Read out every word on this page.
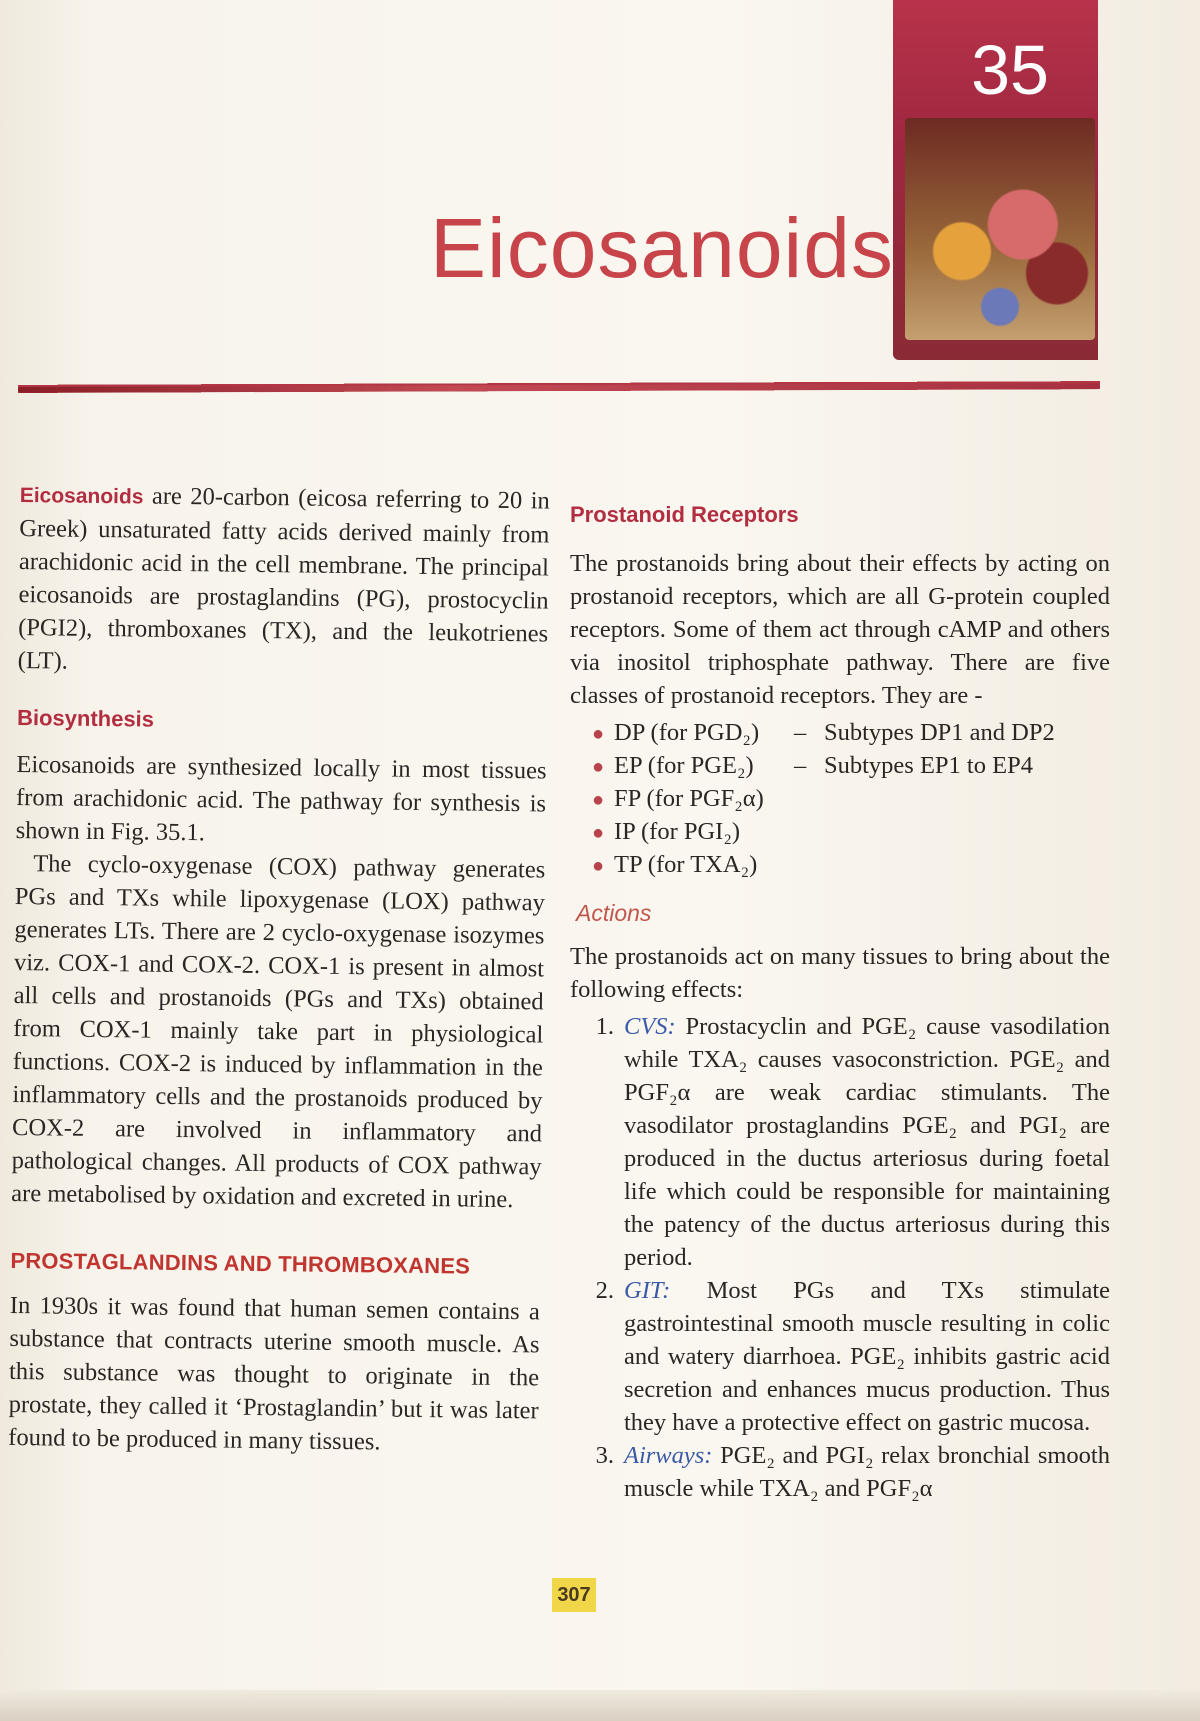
35
Eicosanoids

Eicosanoids are 20-carbon (eicosa referring to 20 in Greek) unsaturated fatty acids derived mainly from arachidonic acid in the cell membrane. The principal eicosanoids are prostaglandins (PG), prostocyclin (PGI2), thromboxanes (TX), and the leukotrienes (LT).

Biosynthesis

Eicosanoids are synthesized locally in most tissues from arachidonic acid. The pathway for synthesis is shown in Fig. 35.1.

The cyclo-oxygenase (COX) pathway generates PGs and TXs while lipoxygenase (LOX) pathway generates LTs. There are 2 cyclo-oxygenase isozymes viz. COX-1 and COX-2. COX-1 is present in almost all cells and prostanoids (PGs and TXs) obtained from COX-1 mainly take part in physiological functions. COX-2 is induced by inflammation in the inflammatory cells and the prostanoids produced by COX-2 are involved in inflammatory and pathological changes. All products of COX pathway are metabolised by oxidation and excreted in urine.

PROSTAGLANDINS AND THROMBOXANES

In 1930s it was found that human semen contains a substance that contracts uterine smooth muscle. As this substance was thought to originate in the prostate, they called it ‘Prostaglandin’ but it was later found to be produced in many tissues.

Prostanoid Receptors

The prostanoids bring about their effects by acting on prostanoid receptors, which are all G-protein coupled receptors. Some of them act through cAMP and others via inositol triphosphate pathway. There are five classes of prostanoid receptors. They are -

● DP (for PGD₂)	– Subtypes DP1 and DP2
● EP (for PGE₂)	– Subtypes EP1 to EP4
● FP (for PGF₂α)
● IP (for PGI₂)
● TP (for TXA₂)
Actions

The prostanoids act on many tissues to bring about the following effects:

1. CVS: Prostacyclin and PGE₂ cause vasodilation while TXA₂ causes vasoconstriction. PGE₂ and PGF₂α are weak cardiac stimulants. The vasodilator prostaglandins PGE₂ and PGI₂ are produced in the ductus arteriosus during foetal life which could be responsible for maintaining the patency of the ductus arteriosus during this period.
2. GIT: Most PGs and TXs stimulate gastrointestinal smooth muscle resulting in colic and watery diarrhoea. PGE₂ inhibits gastric acid secretion and enhances mucus production. Thus they have a protective effect on gastric mucosa.
3. Airways: PGE₂ and PGI₂ relax bronchial smooth muscle while TXA₂ and PGF₂α
307
